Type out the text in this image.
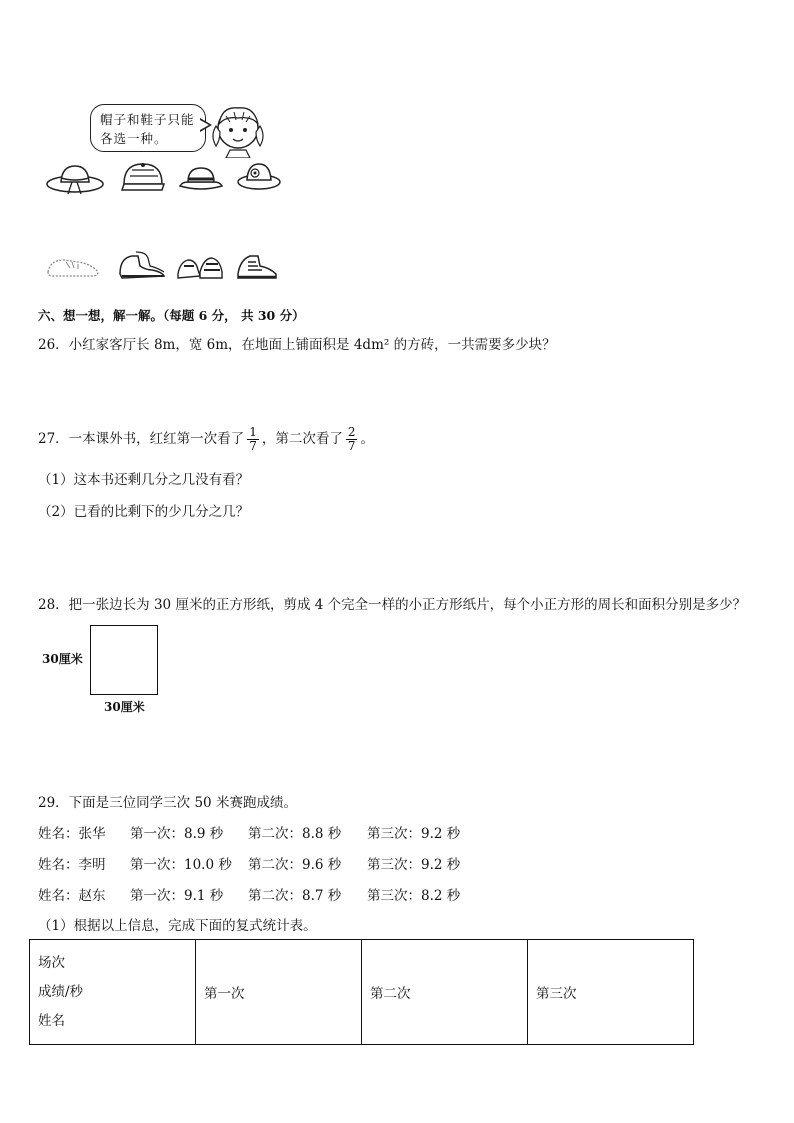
帽子和鞋子只能各选一种。
六、想一想，解一解。（每题 6 分， 共 30 分）
26．小红家客厅长 8m，宽 6m，在地面上铺面积是 4dm² 的方砖，一共需要多少块？
27．一本课外书，红红第一次看了 $\frac{1}{7}$ ，第二次看了 $\frac{2}{7}$ 。
（1）这本书还剩几分之几没有看？
（2）已看的比剩下的少几分之几？
28．把一张边长为 30 厘米的正方形纸，剪成 4 个完全一样的小正方形纸片，每个小正方形的周长和面积分别是多少？
30厘米
30厘米
29．下面是三位同学三次 50 米赛跑成绩。
姓名：张华 第一次：8.9 秒 第二次：8.8 秒 第三次：9.2 秒
姓名：李明 第一次：10.0 秒 第二次：9.6 秒 第三次：9.2 秒
姓名：赵东 第一次：9.1 秒 第二次：8.7 秒 第三次：8.2 秒
（1）根据以上信息，完成下面的复式统计表。
场次
成绩/秒
姓名
	第一次	第二次	第三次
